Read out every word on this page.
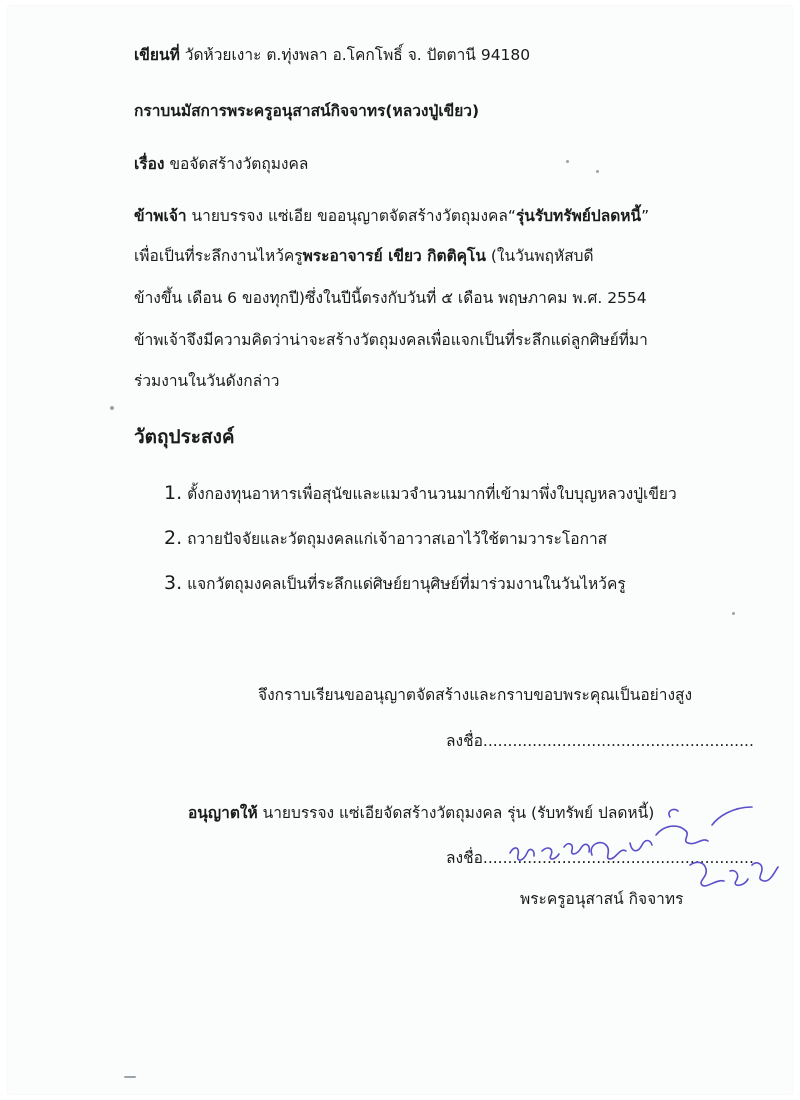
เขียนที่ วัดห้วยเงาะ ต.ทุ่งพลา อ.โคกโพธิ์ จ. ปัตตานี 94180
กราบนมัสการพระครูอนุสาสน์กิจจาทร(หลวงปู่เขียว)
เรื่อง ขอจัดสร้างวัตถุมงคล
ข้าพเจ้า นายบรรจง แซ่เอีย ขออนุญาตจัดสร้างวัตถุมงคล“รุ่นรับทรัพย์ปลดหนี้”
เพื่อเป็นที่ระลึกงานไหว้ครูพระอาจารย์ เขียว กิตติคุโน (ในวันพฤหัสบดี
ข้างขึ้น เดือน 6 ของทุกปี)ซึ่งในปีนี้ตรงกับวันที่ ๕ เดือน พฤษภาคม พ.ศ. 2554
ข้าพเจ้าจึงมีความคิดว่าน่าจะสร้างวัตถุมงคลเพื่อแจกเป็นที่ระลึกแด่ลูกศิษย์ที่มา
ร่วมงานในวันดังกล่าว
วัตถุประสงค์
1. ตั้งกองทุนอาหารเพื่อสุนัขและแมวจำนวนมากที่เข้ามาพึ่งใบบุญหลวงปู่เขียว
2. ถวายปัจจัยและวัตถุมงคลแก่เจ้าอาวาสเอาไว้ใช้ตามวาระโอกาส
3. แจกวัตถุมงคลเป็นที่ระลึกแด่ศิษย์ยานุศิษย์ที่มาร่วมงานในวันไหว้ครู
จึงกราบเรียนขออนุญาตจัดสร้างและกราบขอบพระคุณเป็นอย่างสูง
ลงชื่อ.......................................................
อนุญาตให้ นายบรรจง แซ่เอียจัดสร้างวัตถุมงคล รุ่น (รับทรัพย์ ปลดหนี้)
ลงชื่อ.......................................................
พระครูอนุสาสน์ กิจจาทร
